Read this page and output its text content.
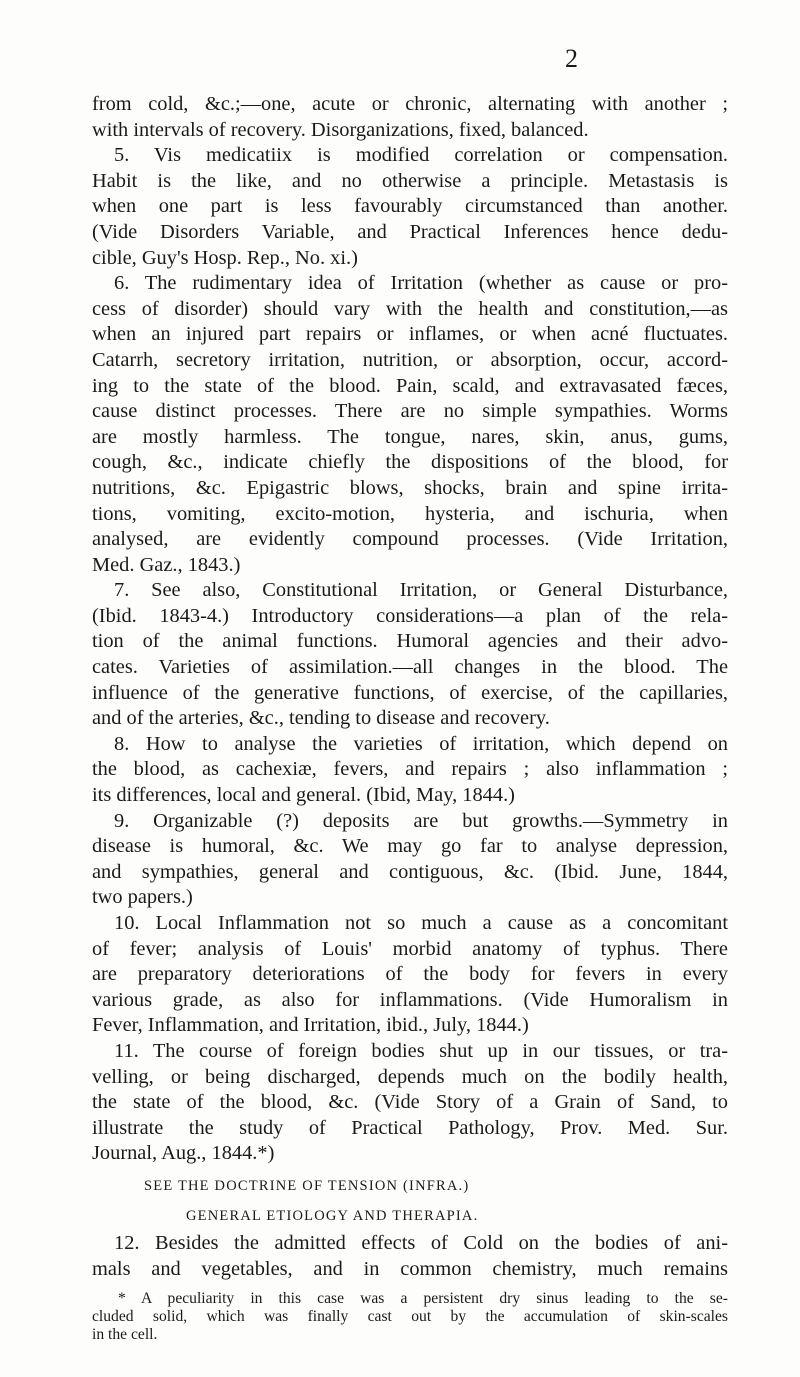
2
from cold, &c.;—one, acute or chronic, alternating with another ;
with intervals of recovery. Disorganizations, fixed, balanced.
5. Vis medicatiix is modified correlation or compensation.
Habit is the like, and no otherwise a principle. Metastasis is
when one part is less favourably circumstanced than another.
(Vide Disorders Variable, and Practical Inferences hence dedu-
cible, Guy's Hosp. Rep., No. xi.)
6. The rudimentary idea of Irritation (whether as cause or pro-
cess of disorder) should vary with the health and constitution,—as
when an injured part repairs or inflames, or when acné fluctuates.
Catarrh, secretory irritation, nutrition, or absorption, occur, accord-
ing to the state of the blood. Pain, scald, and extravasated fæces,
cause distinct processes. There are no simple sympathies. Worms
are mostly harmless. The tongue, nares, skin, anus, gums,
cough, &c., indicate chiefly the dispositions of the blood, for
nutritions, &c. Epigastric blows, shocks, brain and spine irrita-
tions, vomiting, excito-motion, hysteria, and ischuria, when
analysed, are evidently compound processes. (Vide Irritation,
Med. Gaz., 1843.)
7. See also, Constitutional Irritation, or General Disturbance,
(Ibid. 1843-4.) Introductory considerations—a plan of the rela-
tion of the animal functions. Humoral agencies and their advo-
cates. Varieties of assimilation.—all changes in the blood. The
influence of the generative functions, of exercise, of the capillaries,
and of the arteries, &c., tending to disease and recovery.
8. How to analyse the varieties of irritation, which depend on
the blood, as cachexiæ, fevers, and repairs ; also inflammation ;
its differences, local and general. (Ibid, May, 1844.)
9. Organizable (?) deposits are but growths.—Symmetry in
disease is humoral, &c. We may go far to analyse depression,
and sympathies, general and contiguous, &c. (Ibid. June, 1844,
two papers.)
10. Local Inflammation not so much a cause as a concomitant
of fever; analysis of Louis' morbid anatomy of typhus. There
are preparatory deteriorations of the body for fevers in every
various grade, as also for inflammations. (Vide Humoralism in
Fever, Inflammation, and Irritation, ibid., July, 1844.)
11. The course of foreign bodies shut up in our tissues, or tra-
velling, or being discharged, depends much on the bodily health,
the state of the blood, &c. (Vide Story of a Grain of Sand, to
illustrate the study of Practical Pathology, Prov. Med. Sur.
Journal, Aug., 1844.*)
SEE THE DOCTRINE OF TENSION (INFRA.)
GENERAL ETIOLOGY AND THERAPIA.
12. Besides the admitted effects of Cold on the bodies of ani-
mals and vegetables, and in common chemistry, much remains
* A peculiarity in this case was a persistent dry sinus leading to the se-
cluded solid, which was finally cast out by the accumulation of skin-scales
in the cell.
